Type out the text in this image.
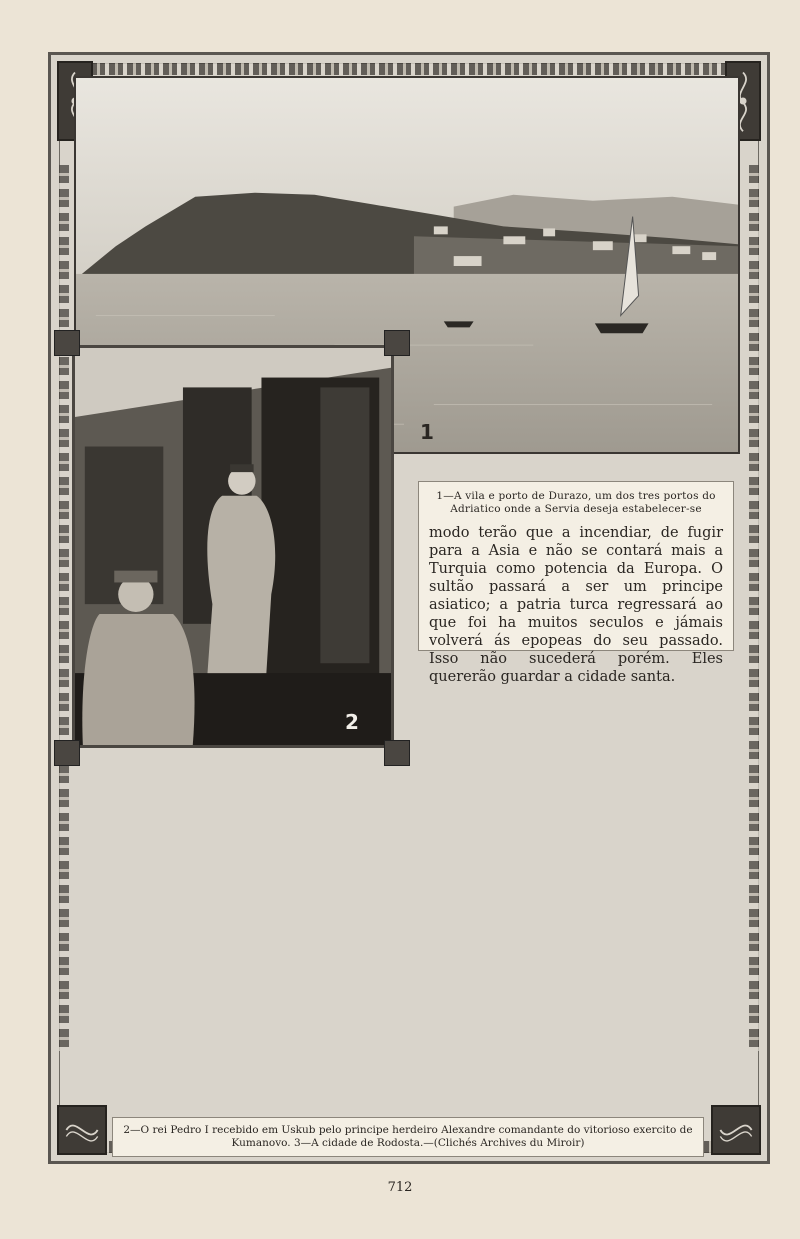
1
2

1—A vila e porto de Durazo, um dos tres portos do Adriatico onde a Servia deseja estabelecer-se

modo terão que a incendiar, de fugir para a Asia e não se contará mais a Turquia como potencia da Europa. O sultão passará a ser um principe asiatico; a patria turca regressará ao que foi ha muitos seculos e jámais volverá ás epopeas do seu passado. Isso não sucederá porém. Eles quererão guardar a cidade santa.

2—O rei Pedro I recebido em Uskub pelo principe herdeiro Alexandre comandante do vitorioso exercito de Kumanovo. 3—A cidade de Rodosta.—(Clichés Archives du Miroir)
712
